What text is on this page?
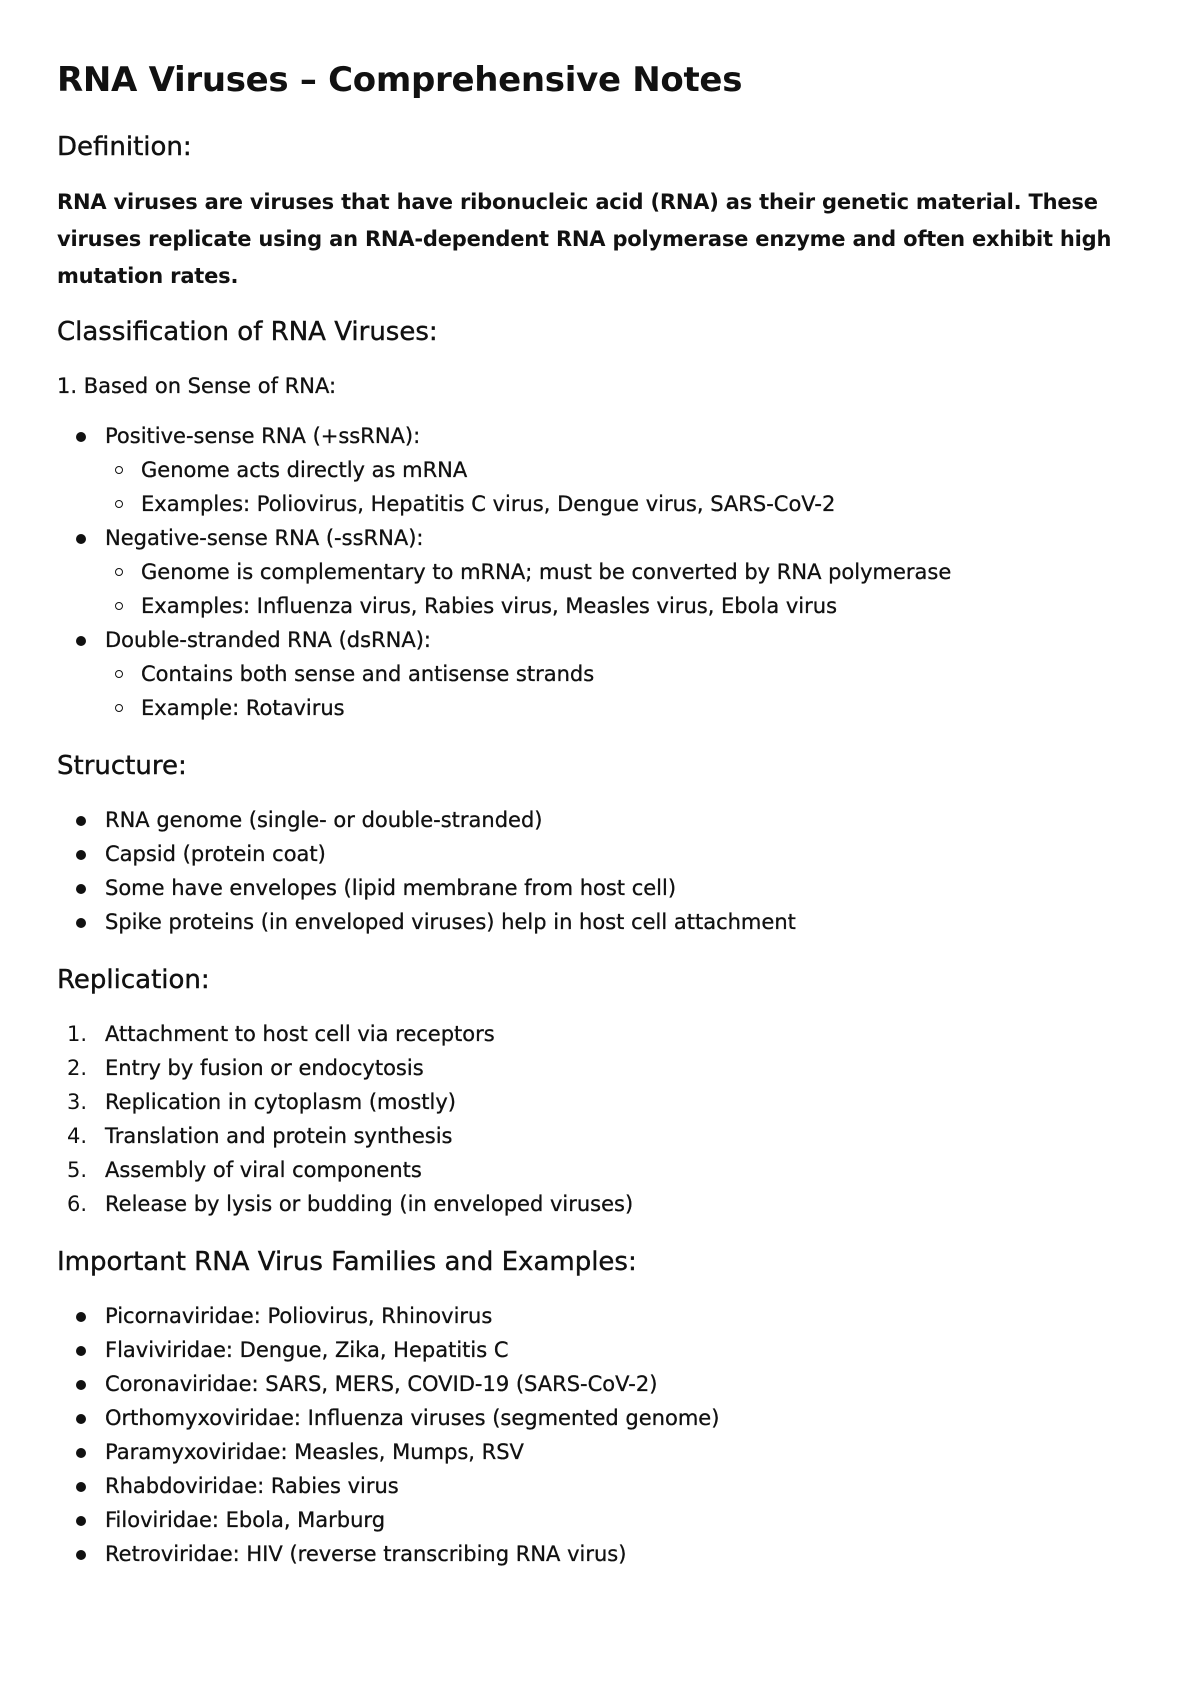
RNA Viruses – Comprehensive Notes
Definition:

RNA viruses are viruses that have ribonucleic acid (RNA) as their genetic material. These viruses replicate using an RNA-dependent RNA polymerase enzyme and often exhibit high mutation rates.

Classification of RNA Viruses:
1. Based on Sense of RNA:
Positive-sense RNA (+ssRNA):
Genome acts directly as mRNA
Examples: Poliovirus, Hepatitis C virus, Dengue virus, SARS-CoV-2
Negative-sense RNA (-ssRNA):
Genome is complementary to mRNA; must be converted by RNA polymerase
Examples: Influenza virus, Rabies virus, Measles virus, Ebola virus
Double-stranded RNA (dsRNA):
Contains both sense and antisense strands
Example: Rotavirus
Structure:
RNA genome (single- or double-stranded)
Capsid (protein coat)
Some have envelopes (lipid membrane from host cell)
Spike proteins (in enveloped viruses) help in host cell attachment
Replication:
1. Attachment to host cell via receptors
2. Entry by fusion or endocytosis
3. Replication in cytoplasm (mostly)
4. Translation and protein synthesis
5. Assembly of viral components
6. Release by lysis or budding (in enveloped viruses)
Important RNA Virus Families and Examples:
Picornaviridae: Poliovirus, Rhinovirus
Flaviviridae: Dengue, Zika, Hepatitis C
Coronaviridae: SARS, MERS, COVID-19 (SARS-CoV-2)
Orthomyxoviridae: Influenza viruses (segmented genome)
Paramyxoviridae: Measles, Mumps, RSV
Rhabdoviridae: Rabies virus
Filoviridae: Ebola, Marburg
Retroviridae: HIV (reverse transcribing RNA virus)
